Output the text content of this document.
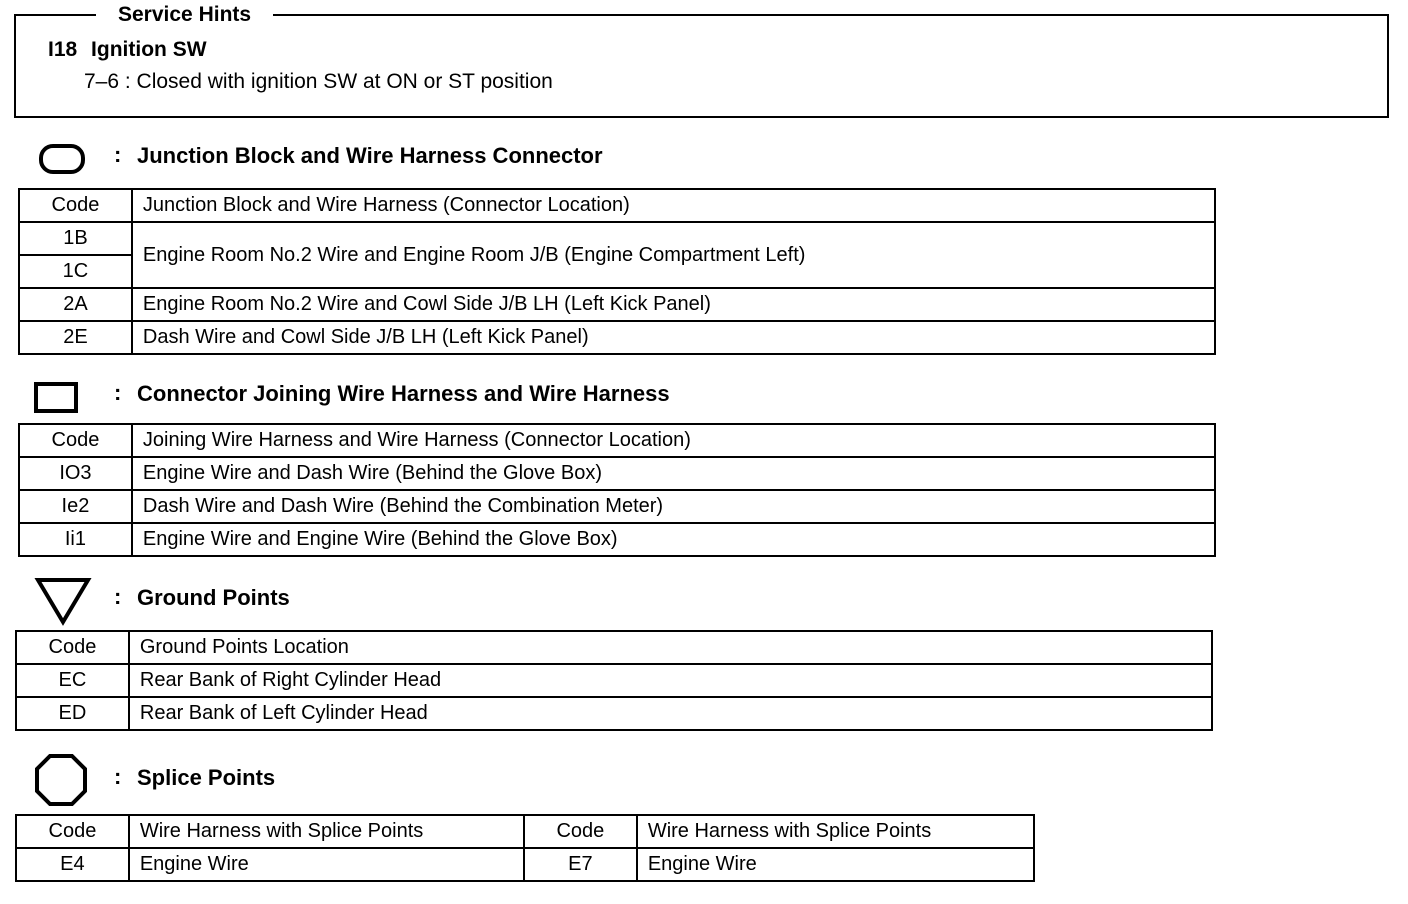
Service Hints
I18 Ignition SW
7–6 : Closed with ignition SW at ON or ST position
: Junction Block and Wire Harness Connector
Code	Junction Block and Wire Harness (Connector Location)
1B	Engine Room No.2 Wire and Engine Room J/B (Engine Compartment Left)
1C	
2A	Engine Room No.2 Wire and Cowl Side J/B LH (Left Kick Panel)
2E	Dash Wire and Cowl Side J/B LH (Left Kick Panel)
: Connector Joining Wire Harness and Wire Harness
Code	Joining Wire Harness and Wire Harness (Connector Location)
IO3	Engine Wire and Dash Wire (Behind the Glove Box)
Ie2	Dash Wire and Dash Wire (Behind the Combination Meter)
Ii1	Engine Wire and Engine Wire (Behind the Glove Box)
: Ground Points
Code	Ground Points Location
EC	Rear Bank of Right Cylinder Head
ED	Rear Bank of Left Cylinder Head
: Splice Points
Code	Wire Harness with Splice Points	Code	Wire Harness with Splice Points
E4	Engine Wire	E7	Engine Wire
